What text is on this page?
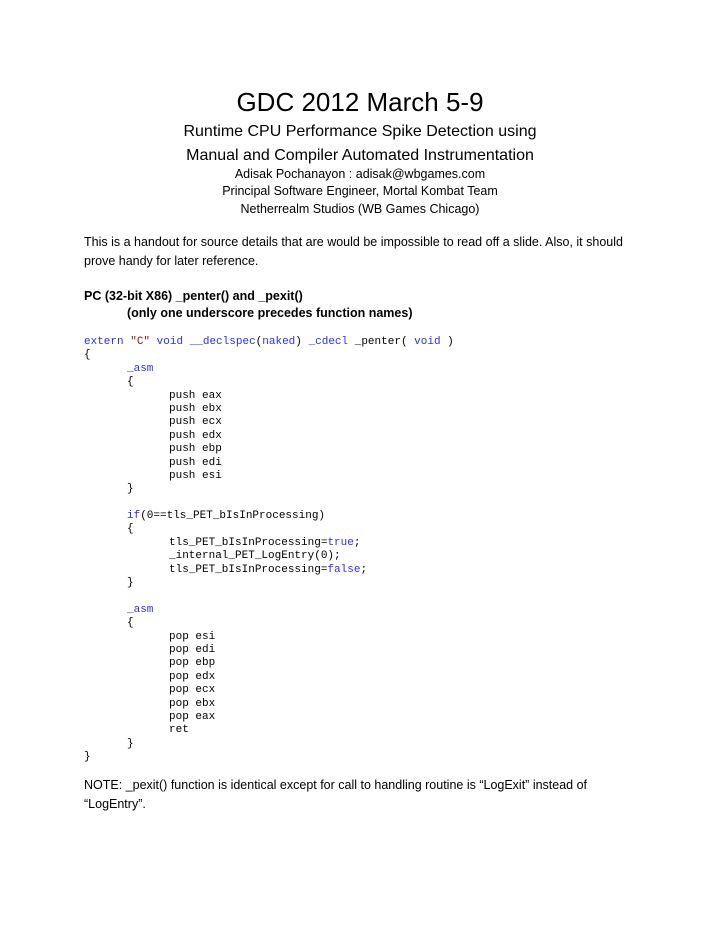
GDC 2012 March 5-9
Runtime CPU Performance Spike Detection using
Manual and Compiler Automated Instrumentation
Adisak Pochanayon : adisak@wbgames.com
Principal Software Engineer, Mortal Kombat Team
Netherrealm Studios (WB Games Chicago)
This is a handout for source details that are would be impossible to read off a slide. Also, it should prove handy for later reference.
PC (32-bit X86) _penter() and _pexit()
(only one underscore precedes function names)
extern "C" void __declspec(naked) _cdecl _penter( void )
{
_asm
{
push eax
push ebx
push ecx
push edx
push ebp
push edi
push esi
}

if(0==tls_PET_bIsInProcessing)
{
tls_PET_bIsInProcessing=true;
_internal_PET_LogEntry(0);
tls_PET_bIsInProcessing=false;
}

_asm
{
pop esi
pop edi
pop ebp
pop edx
pop ecx
pop ebx
pop eax
ret
}
}
NOTE: _pexit() function is identical except for call to handling routine is “LogExit” instead of
“LogEntry”.
